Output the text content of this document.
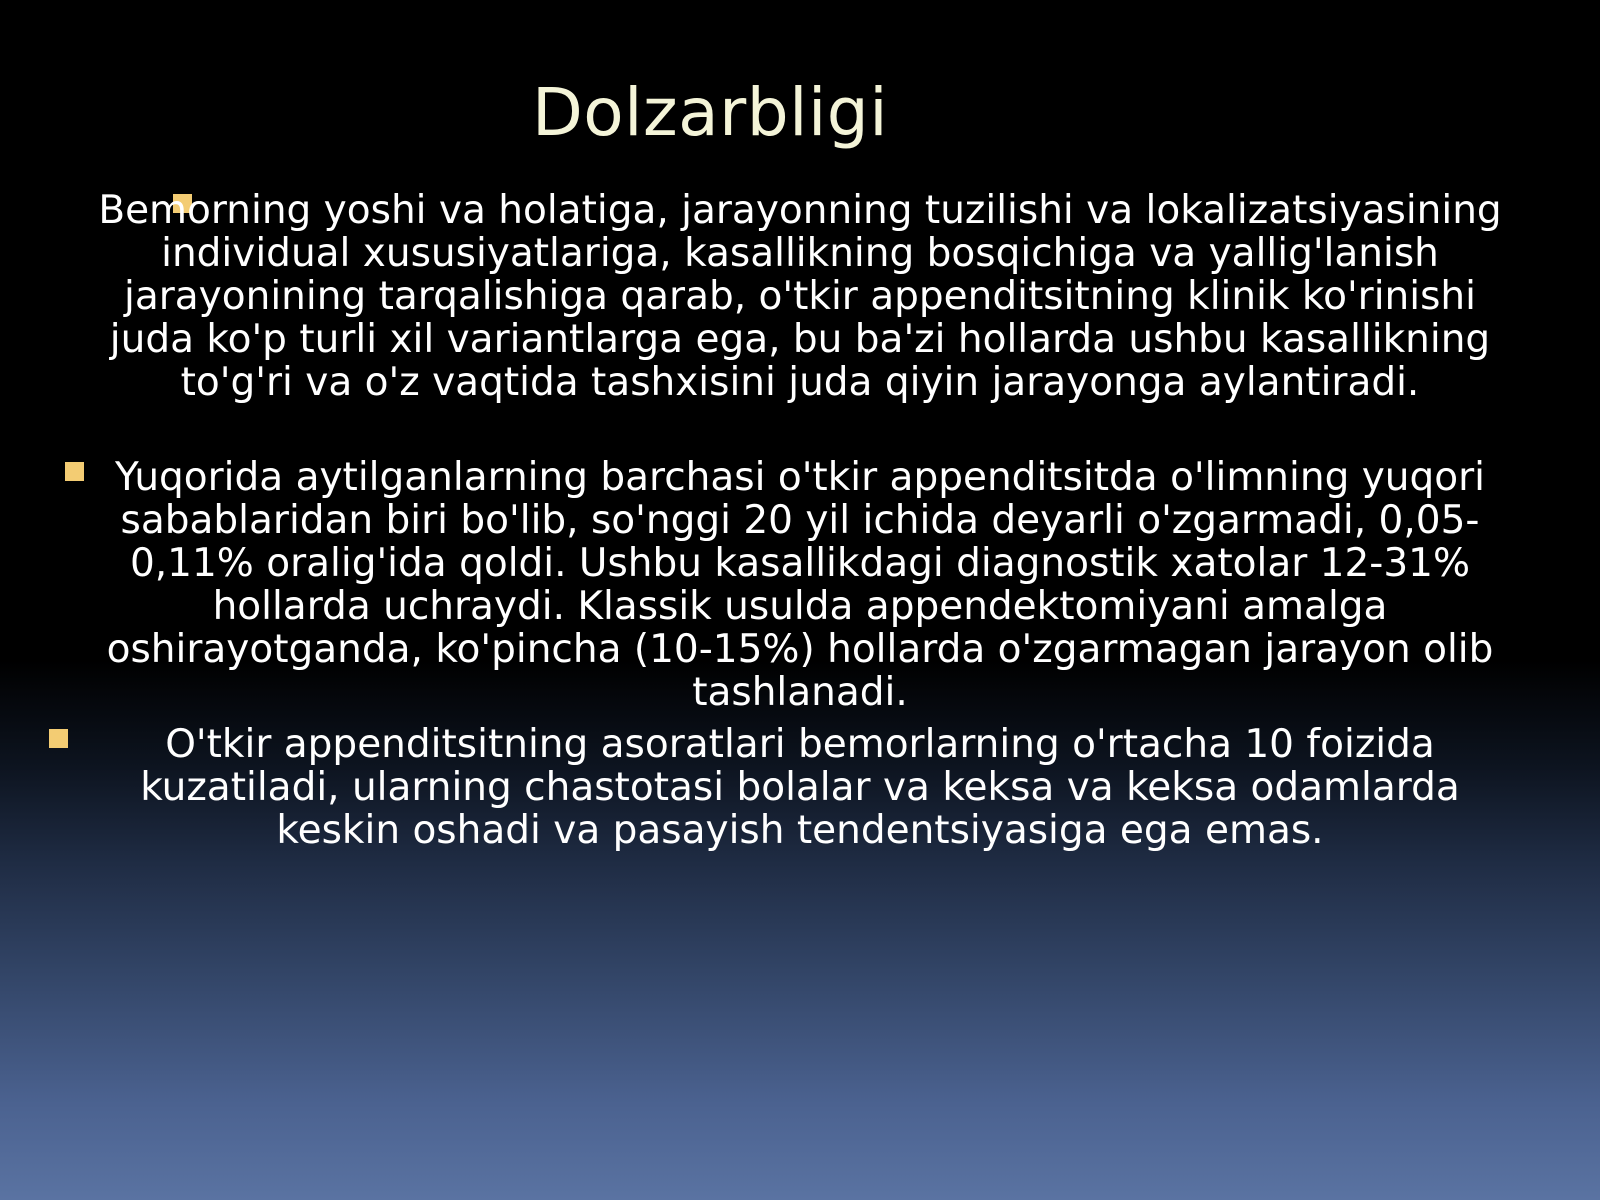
Dolzarbligi
Bemorning yoshi va holatiga, jarayonning tuzilishi va lokalizatsiyasining individual xususiyatlariga, kasallikning bosqichiga va yallig'lanish jarayonining tarqalishiga qarab, o'tkir appenditsitning klinik ko'rinishi juda ko'p turli xil variantlarga ega, bu ba'zi hollarda ushbu kasallikning to'g'ri va o'z vaqtida tashxisini juda qiyin jarayonga aylantiradi.
Yuqorida aytilganlarning barchasi o'tkir appenditsitda o'limning yuqori sabablaridan biri bo'lib, so'nggi 20 yil ichida deyarli o'zgarmadi, 0,05-0,11% oralig'ida qoldi. Ushbu kasallikdagi diagnostik xatolar 12-31% hollarda uchraydi. Klassik usulda appendektomiyani amalga oshirayotganda, ko'pincha (10-15%) hollarda o'zgarmagan jarayon olib tashlanadi.
O'tkir appenditsitning asoratlari bemorlarning o'rtacha 10 foizida kuzatiladi, ularning chastotasi bolalar va keksa va keksa odamlarda keskin oshadi va pasayish tendentsiyasiga ega emas.
